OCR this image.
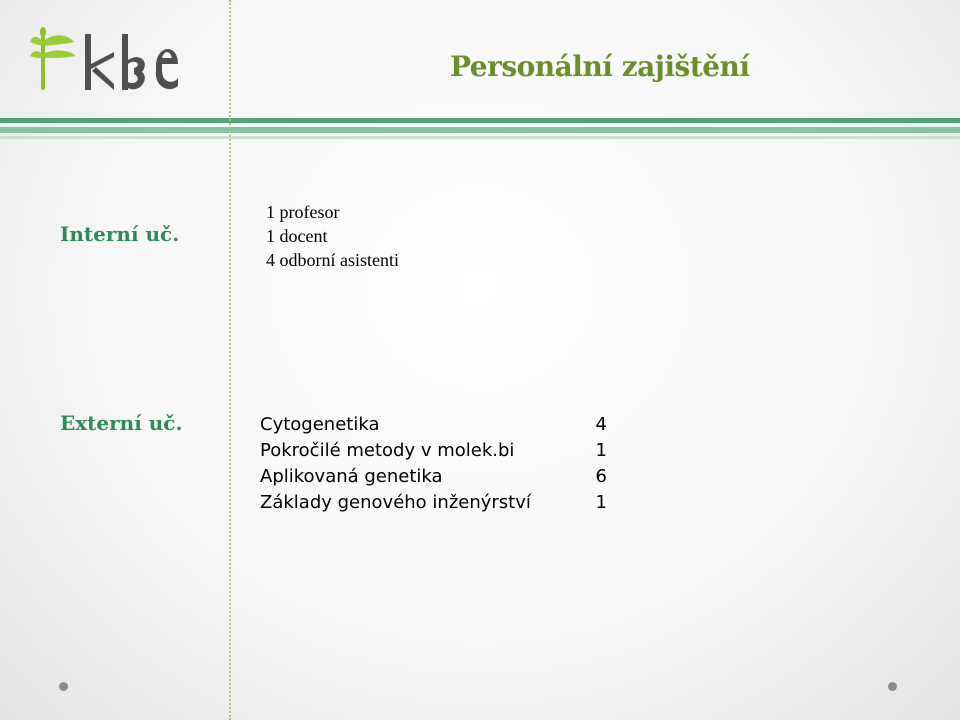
Personální zajištění
Interní uč.
1 profesor
1 docent
4 odborní asistenti
Externí uč.	Cytogenetika	4
Pokročilé metody v molek.bi	1
Aplikovaná genetika	6
Základy genového inženýrství	1
